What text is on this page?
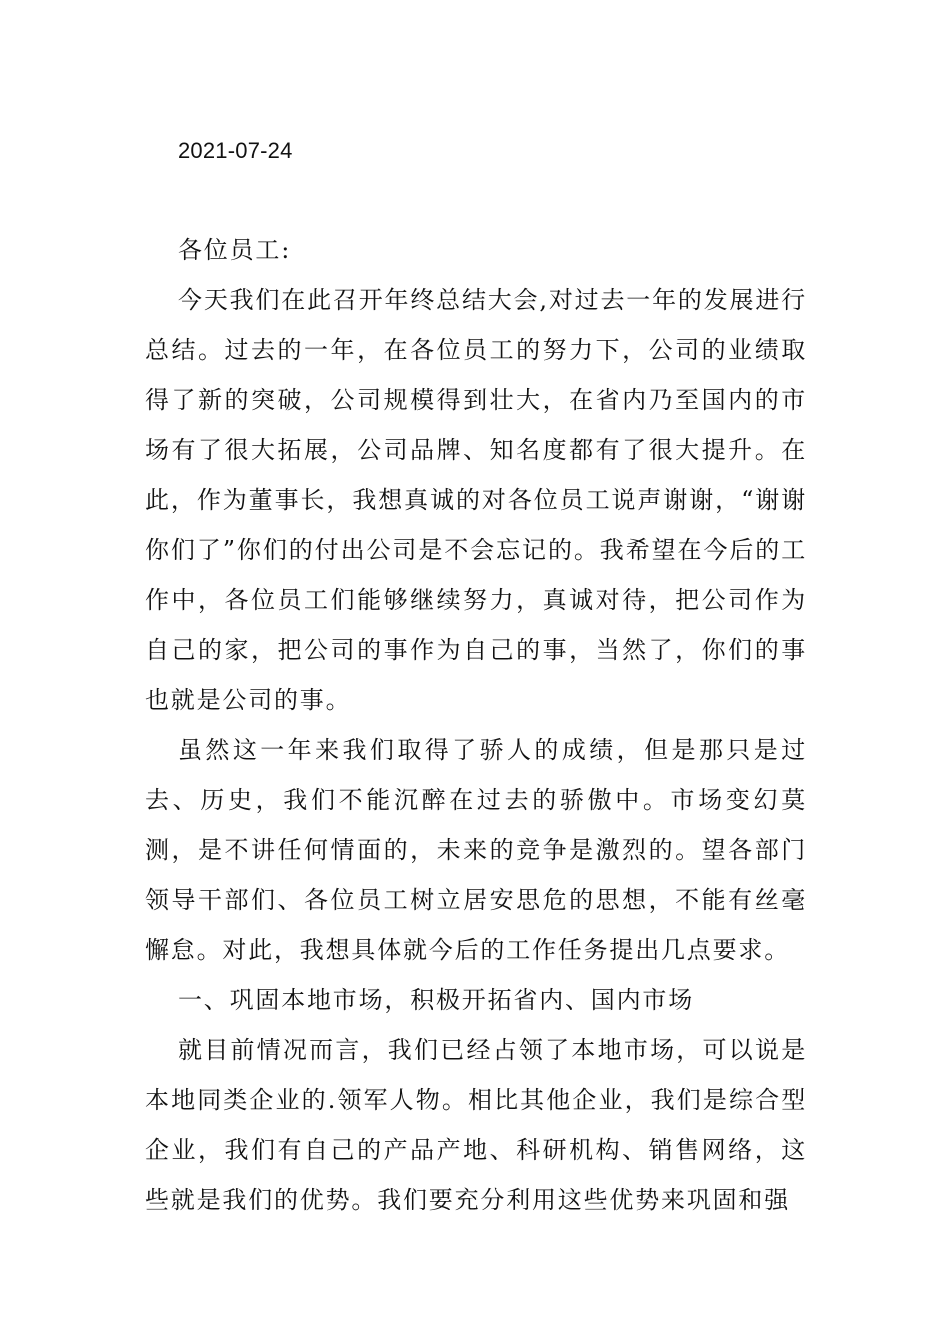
2021-07-24

各位员工:

今天我们在此召开年终总结大会,对过去一年的发展进行总结。过去的一年，在各位员工的努力下，公司的业绩取得了新的突破，公司规模得到壮大，在省内乃至国内的市场有了很大拓展，公司品牌、知名度都有了很大提升。在此，作为董事长，我想真诚的对各位员工说声谢谢，“谢谢你们了”你们的付出公司是不会忘记的。我希望在今后的工作中，各位员工们能够继续努力，真诚对待，把公司作为自己的家，把公司的事作为自己的事，当然了，你们的事也就是公司的事。

虽然这一年来我们取得了骄人的成绩，但是那只是过去、历史，我们不能沉醉在过去的骄傲中。市场变幻莫测，是不讲任何情面的，未来的竞争是激烈的。望各部门领导干部们、各位员工树立居安思危的思想，不能有丝毫懈怠。对此，我想具体就今后的工作任务提出几点要求。

一、巩固本地市场，积极开拓省内、国内市场

就目前情况而言，我们已经占领了本地市场，可以说是本地同类企业的.领军人物。相比其他企业，我们是综合型企业，我们有自己的产品产地、科研机构、销售网络，这些就是我们的优势。我们要充分利用这些优势来巩固和强
